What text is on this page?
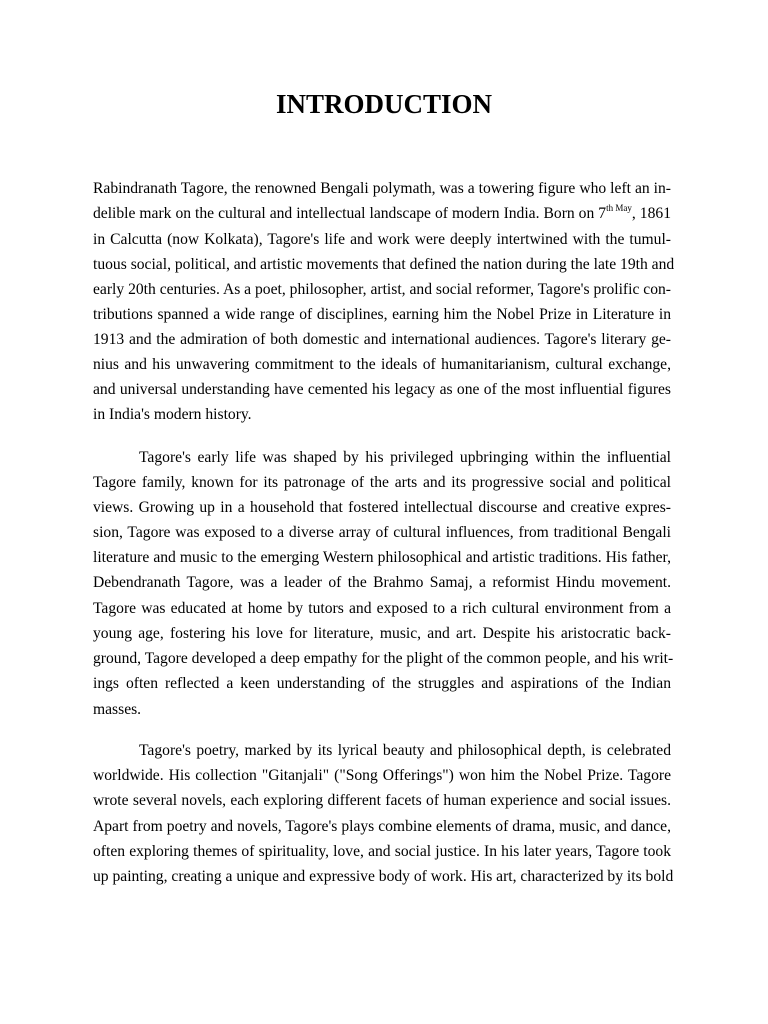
INTRODUCTION
Rabindranath Tagore, the renowned Bengali polymath, was a towering figure who left an in-
delible mark on the cultural and intellectual landscape of modern India. Born on $7^{th May}$, 1861
in Calcutta (now Kolkata), Tagore's life and work were deeply intertwined with the tumul-
tuous social, political, and artistic movements that defined the nation during the late 19th and
early 20th centuries. As a poet, philosopher, artist, and social reformer, Tagore's prolific con-
tributions spanned a wide range of disciplines, earning him the Nobel Prize in Literature in
1913 and the admiration of both domestic and international audiences. Tagore's literary ge-
nius and his unwavering commitment to the ideals of humanitarianism, cultural exchange,
and universal understanding have cemented his legacy as one of the most influential figures
in India's modern history.
Tagore's early life was shaped by his privileged upbringing within the influential
Tagore family, known for its patronage of the arts and its progressive social and political
views. Growing up in a household that fostered intellectual discourse and creative expres-
sion, Tagore was exposed to a diverse array of cultural influences, from traditional Bengali
literature and music to the emerging Western philosophical and artistic traditions. His father,
Debendranath Tagore, was a leader of the Brahmo Samaj, a reformist Hindu movement.
Tagore was educated at home by tutors and exposed to a rich cultural environment from a
young age, fostering his love for literature, music, and art. Despite his aristocratic back-
ground, Tagore developed a deep empathy for the plight of the common people, and his writ-
ings often reflected a keen understanding of the struggles and aspirations of the Indian
masses.
Tagore's poetry, marked by its lyrical beauty and philosophical depth, is celebrated
worldwide. His collection "Gitanjali" ("Song Offerings") won him the Nobel Prize. Tagore
wrote several novels, each exploring different facets of human experience and social issues.
Apart from poetry and novels, Tagore's plays combine elements of drama, music, and dance,
often exploring themes of spirituality, love, and social justice. In his later years, Tagore took
up painting, creating a unique and expressive body of work. His art, characterized by its bold
